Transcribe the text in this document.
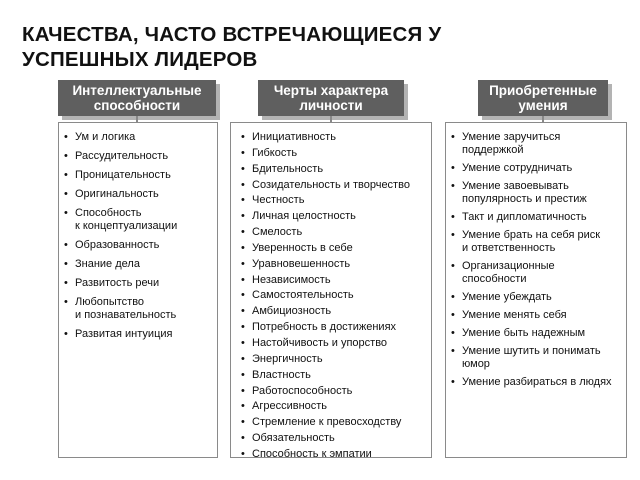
КАЧЕСТВА, ЧАСТО ВСТРЕЧАЮЩИЕСЯ У
УСПЕШНЫХ ЛИДЕРОВ
Интеллектуальные
способности
Черты характера
личности
Приобретенные
умения
• Ум и логика
• Рассудительность
• Проницательность
• Оригинальность
• Способность
к концептуализации
• Образованность
• Знание дела
• Развитость речи
• Любопытство
и познавательность
• Развитая интуиция
• Инициативность
• Гибкость
• Бдительность
• Созидательность и творчество
• Честность
• Личная целостность
• Смелость
• Уверенность в себе
• Уравновешенность
• Независимость
• Самостоятельность
• Амбициозность
• Потребность в достижениях
• Настойчивость и упорство
• Энергичность
• Властность
• Работоспособность
• Агрессивность
• Стремление к превосходству
• Обязательность
• Способность к эмпатии
• Умение заручиться
поддержкой
• Умение сотрудничать
• Умение завоевывать
популярность и престиж
• Такт и дипломатичность
• Умение брать на себя риск
и ответственность
• Организационные
способности
• Умение убеждать
• Умение менять себя
• Умение быть надежным
• Умение шутить и понимать
юмор
• Умение разбираться в людях
